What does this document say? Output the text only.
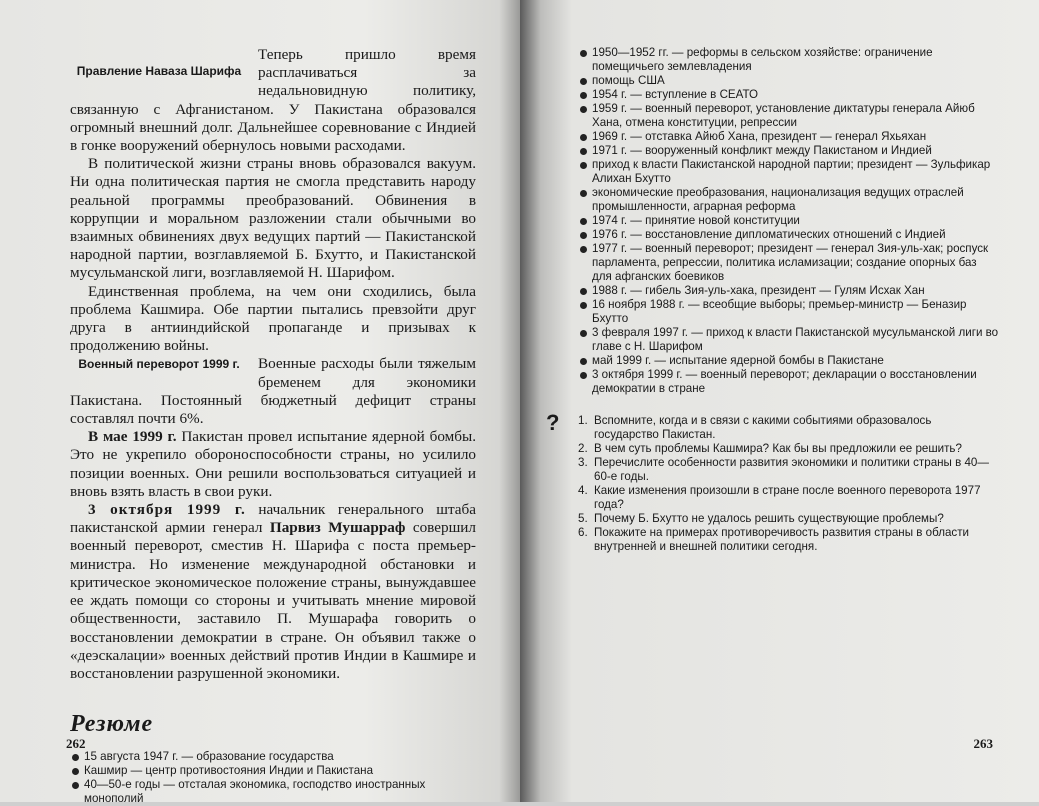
Правление Наваза Шарифа

Теперь пришло время расплачиваться за недальновидную политику, связанную с Афганистаном. У Пакистана образовался огромный внешний долг. Дальнейшее соревнование с Индией в гонке вооружений обернулось новыми расходами.

В политической жизни страны вновь образовался вакуум. Ни одна политическая партия не смогла представить народу реальной программы преобразований. Обвинения в коррупции и моральном разложении стали обычными во взаимных обвинениях двух ведущих партий — Пакистанской народной партии, возглавляемой Б. Бхутто, и Пакистанской мусульманской лиги, возглавляемой Н. Шарифом.

Единственная проблема, на чем они сходились, была проблема Кашмира. Обе партии пытались превзойти друг друга в антииндийской пропаганде и призывах к продолжению войны.

Военный переворот 1999 г.	Военные расходы были тяжелым бременем для экономики Пакистана. Постоянный бюджетный дефицит страны составлял почти 6%.

В мае 1999 г. Пакистан провел испытание ядерной бомбы. Это не укрепило обороноспособности страны, но усилило позиции военных. Они решили воспользоваться ситуацией и вновь взять власть в свои руки.

3 октября 1999 г. начальник генерального штаба пакистанской армии генерал Парвиз Мушарраф совершил военный переворот, сместив Н. Шарифа с поста премьер-министра. Но изменение международной обстановки и критическое экономическое положение страны, вынуждавшее ее ждать помощи со стороны и учитывать мнение мировой общественности, заставило П. Мушарафа говорить о восстановлении демократии в стране. Он объявил также о «деэскалации» военных действий против Индии в Кашмире и восстановлении разрушенной экономики.

Резюме
15 августа 1947 г. — образование государства
Кашмир — центр противостояния Индии и Пакистана
40—50-е годы — отсталая экономика, господство иностранных монополий
262
1950—1952 гг. — реформы в сельском хозяйстве: ограничение помещичьего землевладения
помощь США
1954 г. — вступление в СЕАТО
1959 г. — военный переворот, установление диктатуры генерала Айюб Хана, отмена конституции, репрессии
1969 г. — отставка Айюб Хана, президент — генерал Яхьяхан
1971 г. — вооруженный конфликт между Пакистаном и Индией
приход к власти Пакистанской народной партии; президент — Зульфикар Алихан Бхутто
экономические преобразования, национализация ведущих отраслей промышленности, аграрная реформа
1974 г. — принятие новой конституции
1976 г. — восстановление дипломатических отношений с Индией
1977 г. — военный переворот; президент — генерал Зия-уль-хак; роспуск парламента, репрессии, политика исламизации; создание опорных баз для афганских боевиков
1988 г. — гибель Зия-уль-хака, президент — Гулям Исхак Хан
16 ноября 1988 г. — всеобщие выборы; премьер-министр — Беназир Бхутто
3 февраля 1997 г. — приход к власти Пакистанской мусульманской лиги во главе с Н. Шарифом
май 1999 г. — испытание ядерной бомбы в Пакистане
3 октября 1999 г. — военный переворот; декларации о восстановлении демократии в стране
? 1. Вспомните, когда и в связи с какими событиями образовалось государство Пакистан.
2. В чем суть проблемы Кашмира? Как бы вы предложили ее решить?
3. Перечислите особенности развития экономики и политики страны в 40—60-е годы.
4. Какие изменения произошли в стране после военного переворота 1977 года?
5. Почему Б. Бхутто не удалось решить существующие проблемы?
6. Покажите на примерах противоречивость развития страны в области внутренней и внешней политики сегодня.
263
